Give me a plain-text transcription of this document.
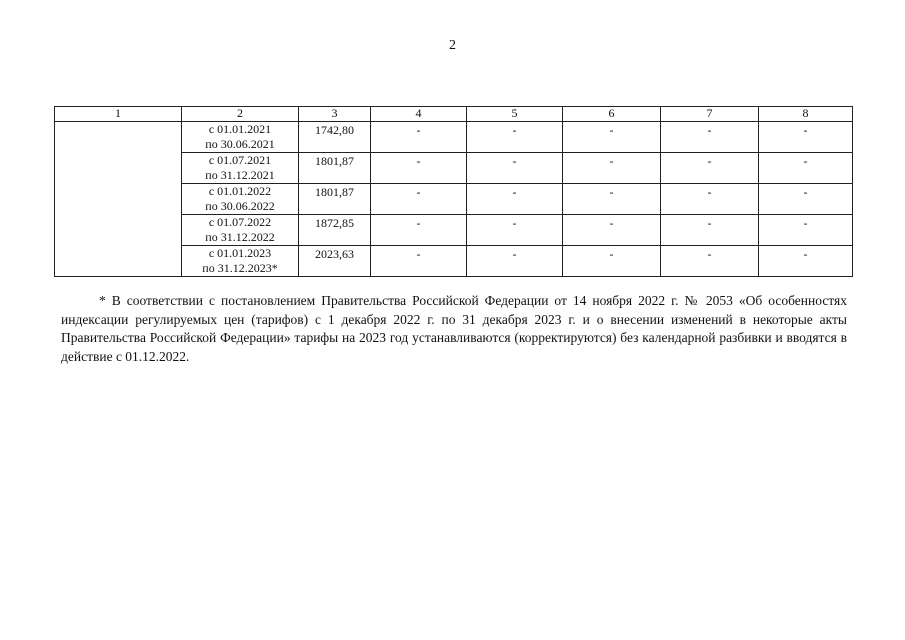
2
1	2	3	4	5	6	7	8

	с 01.01.2021
по 30.06.2021	1742,80	-	-	-	-	-

	с 01.07.2021
по 31.12.2021	1801,87	-	-	-	-	-

	с 01.01.2022
по 30.06.2022	1801,87	-	-	-	-	-

	с 01.07.2022
по 31.12.2022	1872,85	-	-	-	-	-

	с 01.01.2023
по 31.12.2023*	2023,63	-	-	-	-	-

* В соответствии с постановлением Правительства Российской Федерации от 14 ноября 2022 г. № 2053 «Об особенностях индексации регулируемых цен (тарифов) с 1 декабря 2022 г. по 31 декабря 2023 г. и о внесении изменений в некоторые акты Правительства Российской Федерации» тарифы на 2023 год устанавливаются (корректируются) без календарной разбивки и вводятся в действие с 01.12.2022.
